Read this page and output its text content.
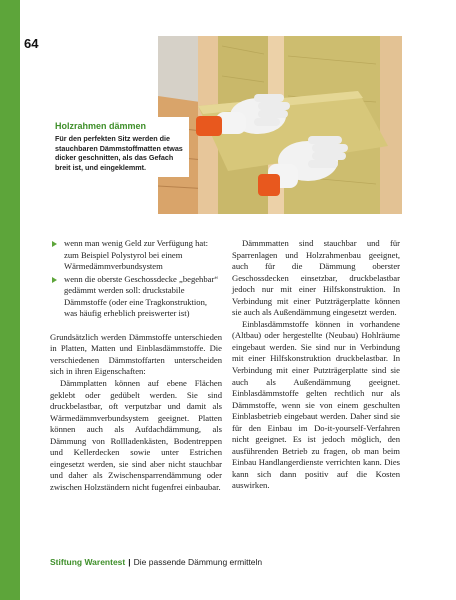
64

Holzrahmen dämmen

Für den perfekten Sitz werden die stauchbaren Dämmstoffmatten etwas dicker geschnitten, als das Gefach breit ist, und eingeklemmt.

wenn man wenig Geld zur Verfügung hat: zum Beispiel Polystyrol bei einem Wärmedämmverbundsystem
wenn die oberste Geschossdecke „begehbar“ gedämmt werden soll: druckstabile Dämmstoffe (oder eine Tragkonstruktion, was häufig erheblich preiswerter ist)

Grundsätzlich werden Dämmstoffe unterschieden in Platten, Matten und Einblasdämmstoffe. Die verschiedenen Dämmstoffarten unterscheiden sich in ihren Eigenschaften:

Dämmplatten können auf ebene Flächen geklebt oder gedübelt werden. Sie sind druckbelastbar, oft verputzbar und damit als Wärmedämmverbundsystem geeignet. Platten können auch als Aufdachdämmung, als Dämmung von Rollladenkästen, Bodentreppen und Kellerdecken sowie unter Estrichen eingesetzt werden, sie sind aber nicht stauchbar und daher als Zwischensparrendämmung oder zwischen Holzständern nicht fugenfrei einbaubar.

Dämmmatten sind stauchbar und für Sparrenlagen und Holzrahmenbau geeignet, auch für die Dämmung oberster Geschossdecken einsetzbar, druckbelastbar jedoch nur mit einer Hilfskonstruktion. In Verbindung mit einer Putzträgerplatte können sie auch als Außendämmung eingesetzt werden.

Einblasdämmstoffe können in vorhandene (Altbau) oder hergestellte (Neubau) Hohlräume eingebaut werden. Sie sind nur in Verbindung mit einer Hilfskonstruktion druckbelastbar. In Verbindung mit einer Putzträgerplatte sind sie auch als Außendämmung geeignet. Einblasdämmstoffe gelten rechtlich nur als Dämmstoffe, wenn sie von einem geschulten Einblasbetrieb eingebaut werden. Daher sind sie für den Einbau im Do-it-yourself-Verfahren nicht geeignet. Es ist jedoch möglich, den ausführenden Betrieb zu fragen, ob man beim Einbau Handlangerdienste verrichten kann. Dies kann sich dann positiv auf die Kosten auswirken.

Stiftung Warentest | Die passende Dämmung ermitteln
